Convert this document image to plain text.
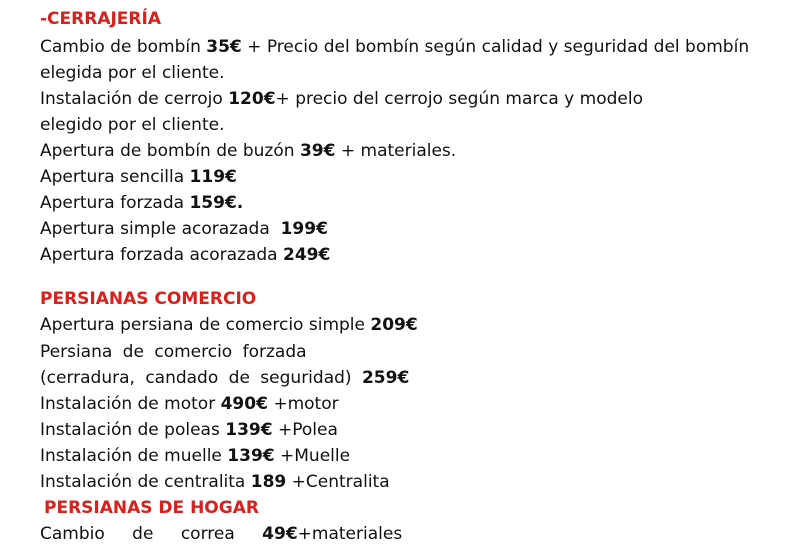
-CERRAJERÍA
Cambio de bombín 35€ + Precio del bombín según calidad y seguridad del bombín
elegida por el cliente.
Instalación de cerrojo 120€+ precio del cerrojo según marca y modelo
elegido por el cliente.
Apertura de bombín de buzón 39€ + materiales.
Apertura sencilla 119€
Apertura forzada 159€.
Apertura simple acorazada  199€
Apertura forzada acorazada 249€
PERSIANAS COMERCIO
Apertura persiana de comercio simple 209€
Persiana de comercio forzada
(cerradura, candado de seguridad) 259€
Instalación de motor 490€ +motor
Instalación de poleas 139€ +Polea
Instalación de muelle 139€ +Muelle
Instalación de centralita 189 +Centralita
PERSIANAS DE HOGAR
Cambio de correa 49€+materiales
